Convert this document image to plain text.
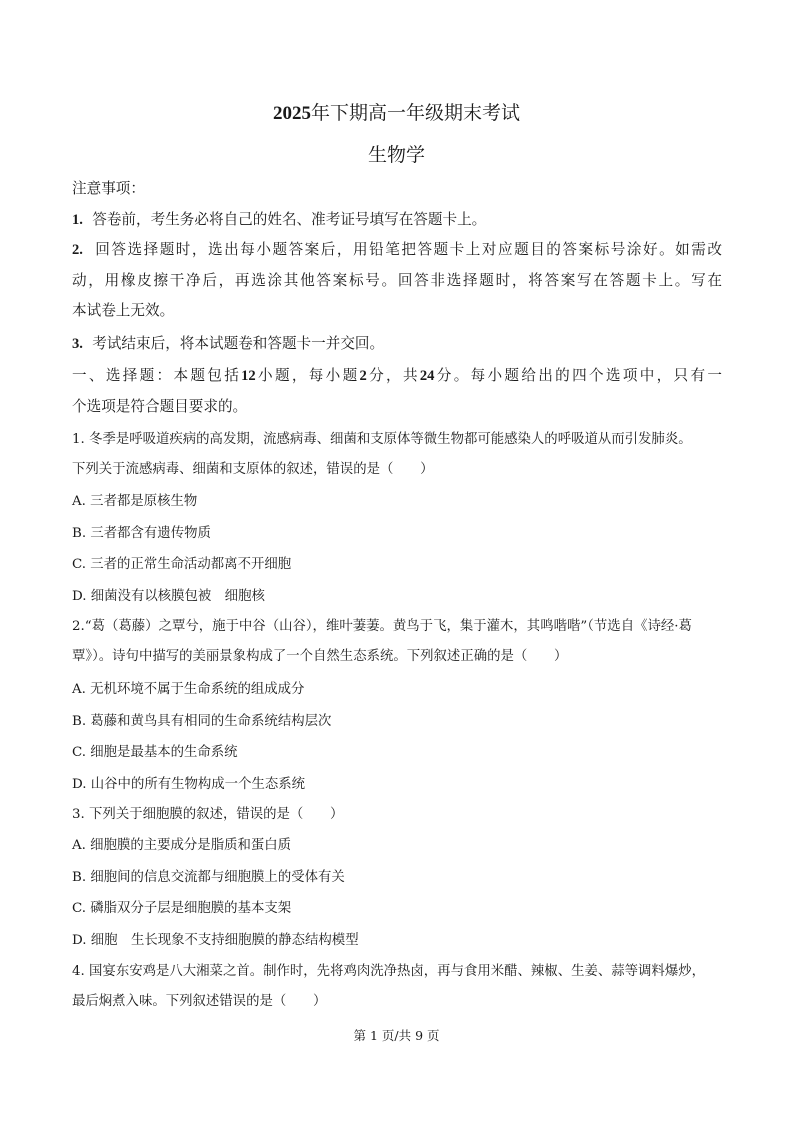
2025年下期高一年级期末考试
生物学
注意事项：
1. 答卷前，考生务必将自己的姓名、准考证号填写在答题卡上。
2. 回答选择题时，选出每小题答案后，用铅笔把答题卡上对应题目的答案标号涂好。如需改
动，用橡皮擦干净后，再选涂其他答案标号。回答非选择题时，将答案写在答题卡上。写在
本试卷上无效。
3. 考试结束后，将本试题卷和答题卡一并交回。
一、选择题：本题包括12小题，每小题2分，共24分。每小题给出的四个选项中，只有一
个选项是符合题目要求的。
1. 冬季是呼吸道疾病的高发期，流感病毒、细菌和支原体等微生物都可能感染人的呼吸道从而引发肺炎。
下列关于流感病毒、细菌和支原体的叙述，错误的是（　　）
A. 三者都是原核生物
B. 三者都含有遗传物质
C. 三者的正常生命活动都离不开细胞
D. 细菌没有以核膜包被　细胞核
2.“葛（葛藤）之覃兮，施于中谷（山谷），维叶萋萋。黄鸟于飞，集于灌木，其鸣喈喈”（节选自《诗经·葛
覃》）。诗句中描写的美丽景象构成了一个自然生态系统。下列叙述正确的是（　　）
A. 无机环境不属于生命系统的组成成分
B. 葛藤和黄鸟具有相同的生命系统结构层次
C. 细胞是最基本的生命系统
D. 山谷中的所有生物构成一个生态系统
3. 下列关于细胞膜的叙述，错误的是（　　）
A. 细胞膜的主要成分是脂质和蛋白质
B. 细胞间的信息交流都与细胞膜上的受体有关
C. 磷脂双分子层是细胞膜的基本支架
D. 细胞　生长现象不支持细胞膜的静态结构模型
4. 国宴东安鸡是八大湘菜之首。制作时，先将鸡肉洗净热卤，再与食用米醋、辣椒、生姜、蒜等调料爆炒，
最后焖煮入味。下列叙述错误的是（　　）
第 1 页/共 9 页
